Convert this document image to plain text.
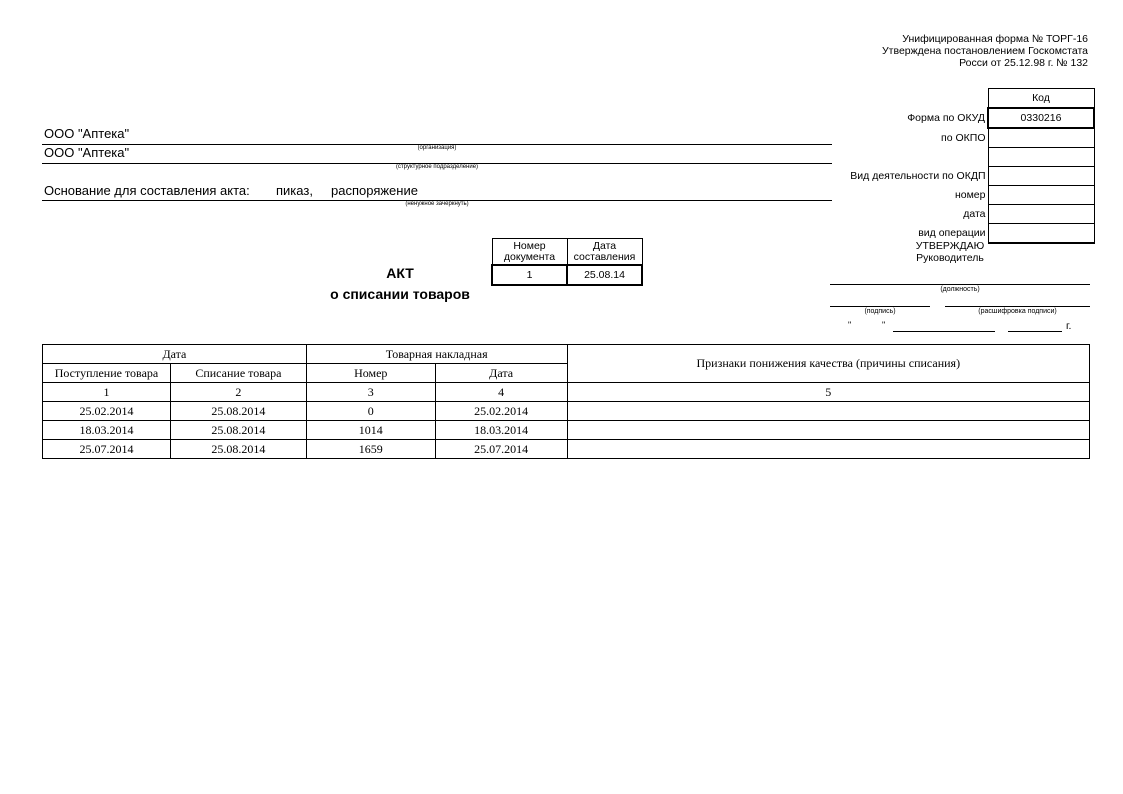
Унифицированная форма № ТОРГ-16
Утверждена постановлением Госкомстата
Росси от 25.12.98 г. № 132
	Код
Форма по ОКУД	0330216
по ОКПО	

Вид деятельности по ОКДП	
номер	
дата	
вид операции	
ООО "Аптека"
(организация)
ООО "Аптека"
(структурное подразделение)
Основание для составления акта: пиказ, распоряжение
(ненужное зачеркнуть)
Номер документа	Дата составления
1	25.08.14
АКТ
о списании товаров
УТВЕРЖДАЮ
Руководитель
(должность)
(подпись)	(расшифровка подписи)
"	"	г.
Дата		Товарная накладная		Признаки понижения качества (причины списания)
Поступление товара	Списание товара	Номер	Дата	
1	2	3	4	5
25.02.2014	25.08.2014	0	25.02.2014	
18.03.2014	25.08.2014	1014	18.03.2014	
25.07.2014	25.08.2014	1659	25.07.2014	
